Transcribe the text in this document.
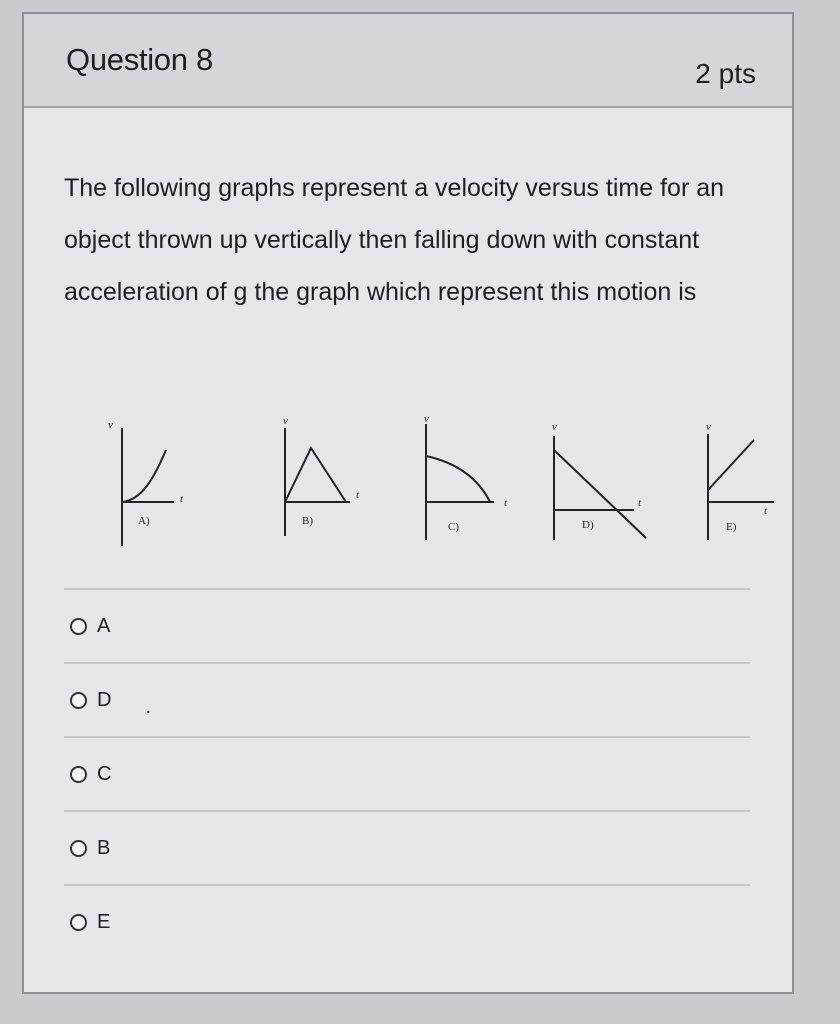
Question 8	2 pts

The following graphs represent a velocity versus time for an object thrown up vertically then falling down with constant acceleration of g the graph which represent this motion is

v
t
A)
v
t
B)
v
t
C)
v
t
D)
v
t
E)
A
D .
C
B
E
